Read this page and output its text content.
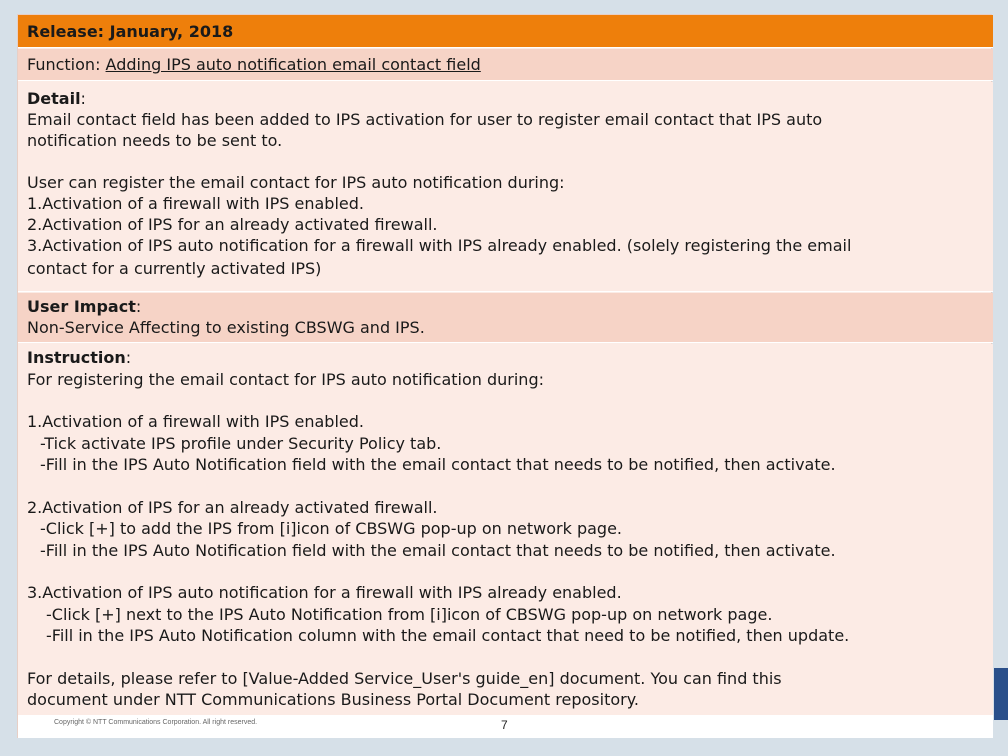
Release: January, 2018
Function: Adding IPS auto notification email contact field
Detail:
Email contact field has been added to IPS activation for user to register email contact that IPS auto
notification needs to be sent to.
User can register the email contact for IPS auto notification during:
1.Activation of a firewall with IPS enabled.
2.Activation of IPS for an already activated firewall.
3.Activation of IPS auto notification for a firewall with IPS already enabled. (solely registering the email
contact for a currently activated IPS)
User Impact:
Non-Service Affecting to existing CBSWG and IPS.
Instruction:
For registering the email contact for IPS auto notification during:
1.Activation of a firewall with IPS enabled.
-Tick activate IPS profile under Security Policy tab.
-Fill in the IPS Auto Notification field with the email contact that needs to be notified, then activate.
2.Activation of IPS for an already activated firewall.
-Click [+] to add the IPS from [i]icon of CBSWG pop-up on network page.
-Fill in the IPS Auto Notification field with the email contact that needs to be notified, then activate.
3.Activation of IPS auto notification for a firewall with IPS already enabled.
-Click [+] next to the IPS Auto Notification from [i]icon of CBSWG pop-up on network page.
-Fill in the IPS Auto Notification column with the email contact that need to be notified, then update.
For details, please refer to [Value-Added Service_User's guide_en] document. You can find this
document under NTT Communications Business Portal Document repository.
Copyright © NTT Communications Corporation. All right reserved.	7
